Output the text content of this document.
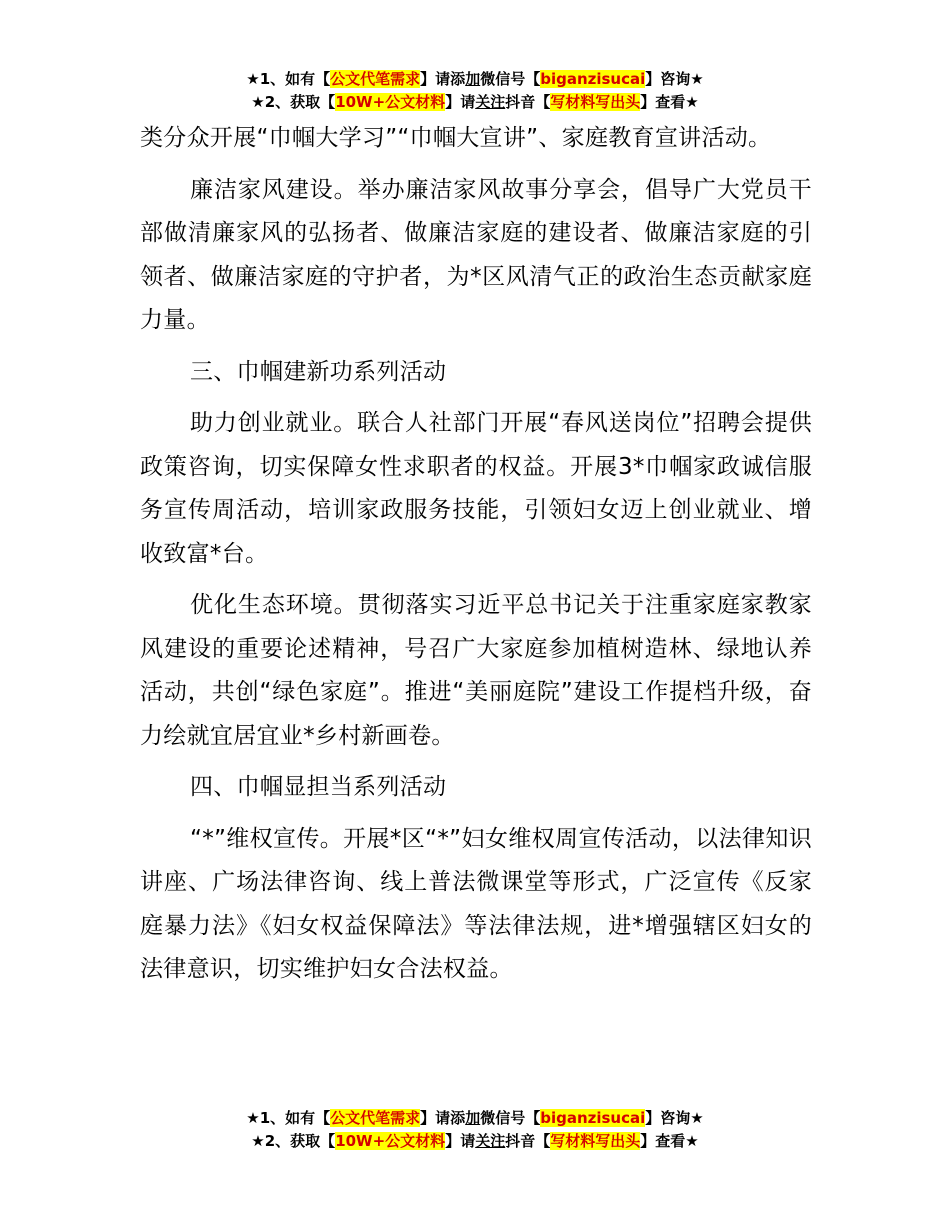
★1、如有【公文代笔需求】请添加微信号【biganzisucai】咨询★
★2、获取【10W+公文材料】请关注抖音【写材料写出头】查看★

类分众开展“巾帼大学习”“巾帼大宣讲”、家庭教育宣讲活动。

廉洁家风建设。举办廉洁家风故事分享会，倡导广大党员干部做清廉家风的弘扬者、做廉洁家庭的建设者、做廉洁家庭的引领者、做廉洁家庭的守护者，为*区风清气正的政治生态贡献家庭力量。

三、巾帼建新功系列活动

助力创业就业。联合人社部门开展“春风送岗位”招聘会提供政策咨询，切实保障女性求职者的权益。开展3*巾帼家政诚信服务宣传周活动，培训家政服务技能，引领妇女迈上创业就业、增收致富*台。

优化生态环境。贯彻落实习近平总书记关于注重家庭家教家风建设的重要论述精神，号召广大家庭参加植树造林、绿地认养活动，共创“绿色家庭”。推进“美丽庭院”建设工作提档升级，奋力绘就宜居宜业*乡村新画卷。

四、巾帼显担当系列活动

“*”维权宣传。开展*区“*”妇女维权周宣传活动，以法律知识讲座、广场法律咨询、线上普法微课堂等形式，广泛宣传《反家庭暴力法》《妇女权益保障法》等法律法规，进*增强辖区妇女的法律意识，切实维护妇女合法权益。

★1、如有【公文代笔需求】请添加微信号【biganzisucai】咨询★
★2、获取【10W+公文材料】请关注抖音【写材料写出头】查看★
